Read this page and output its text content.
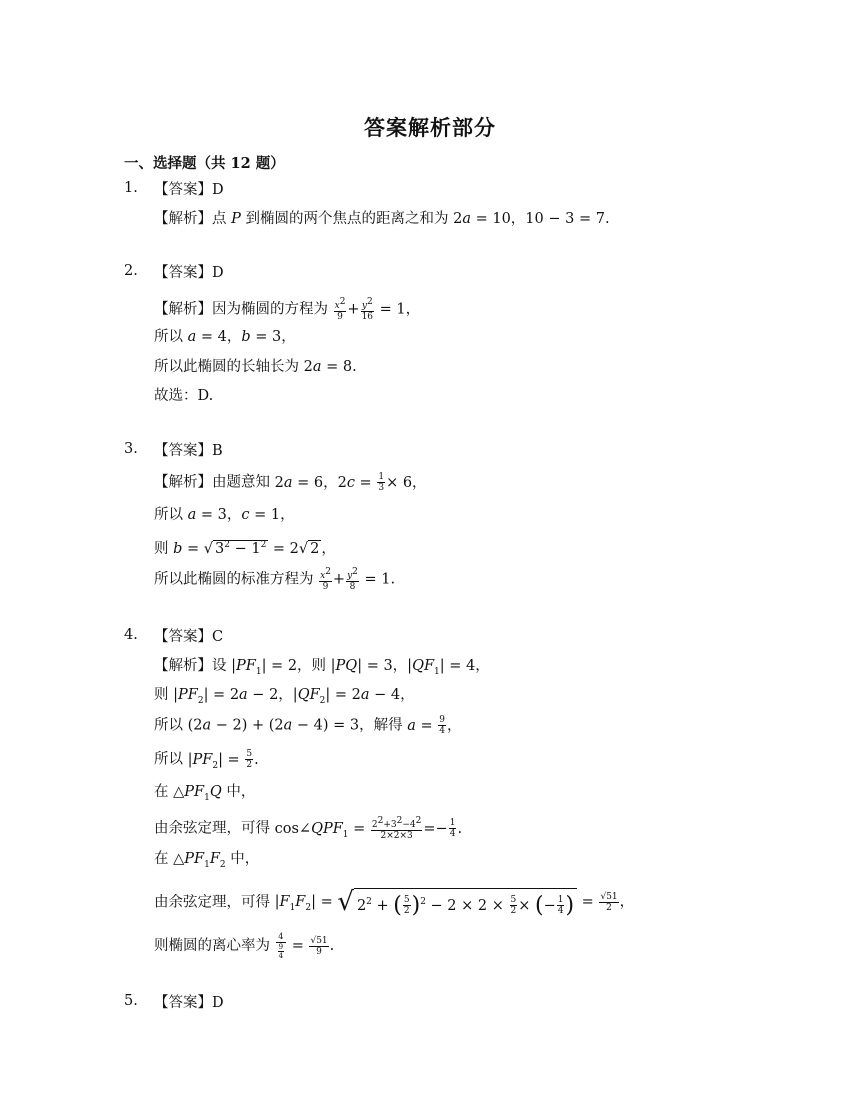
答案解析部分
一、选择题（共 12 题）
1. 【答案】D
【解析】点 P 到椭圆的两个焦点的距离之和为 2a = 10，10 − 3 = 7.
2. 【答案】D
【解析】因为椭圆的方程为 $\frac{x^2}{9} + \frac{y^2}{16} = 1$，
所以 a = 4，b = 3，
所以此椭圆的长轴长为 2a = 8.
故选：D.
3. 【答案】B
【解析】由题意知 2a = 6，$2c = \frac{1}{3} \times 6$，
所以 a = 3，c = 1，
则 b = √ $3^2 - 1^2 = 2√$ 2 ，
所以此椭圆的标准方程为 $\frac{x^2}{9} + \frac{y^2}{8} = 1$.
4. 【答案】C
【解析】设 $|PF_1| = 2$，则 |PQ| = 3，$|QF_1| = 4$，
则 $|PF_2| = 2a - 2$，$|QF_2| = 2a - 4$，
所以 (2a − 2) + (2a − 4) = 3，解得 $a = \frac{9}{4}$ ，
所以 $|PF_2| = \frac{5}{2}$ .
在 $\triangle PF_1Q$ 中，
由余弦定理，可得 $\cos\angle QPF_1 = \frac{2^2+3^2-4^2}{2\times 2\times 3} =- \frac{1}{4}$ .
在 $\triangle PF_1F_2$ 中，
由余弦定理，可得 $|F_1F_2|$ = √ $2^2$ + ( $\frac{5}{2} )^2 - 2 \times 2 \times \frac{5}{2}$ × (− $\frac{1}{4}$ ) = $\frac{√51}{2}$ ，
则椭圆的离心率为 $\frac{4}{\frac{9}{4}} = \frac{√51}{9}$ .
5. 【答案】D
